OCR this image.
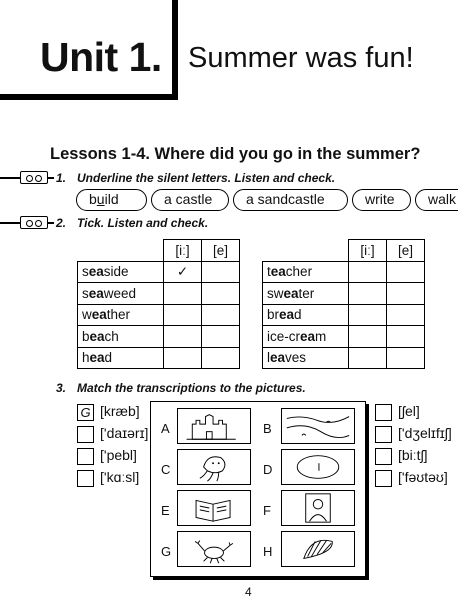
Unit 1. Summer was fun!
Lessons 1-4. Where did you go in the summer?
1. Underline the silent letters. Listen and check.
build	a castle	a sandcastle	write	walk
2. Tick. Listen and check.
	[iː]	[e]
seaside	✓	
seaweed		
weather		
beach		
head		
	[iː]	[e]
teacher		
sweater		
bread		
ice-cream		
leaves		
3. Match the transcriptions to the pictures.
G [kræb]
['daɪərɪ]
['pebl]
['kɑːsl]
[ʃel]
['dʒelɪfɪʃ]
[biːtʃ]
['fəʊtəʊ]
A	B
C	D
E	F
G	H
4
